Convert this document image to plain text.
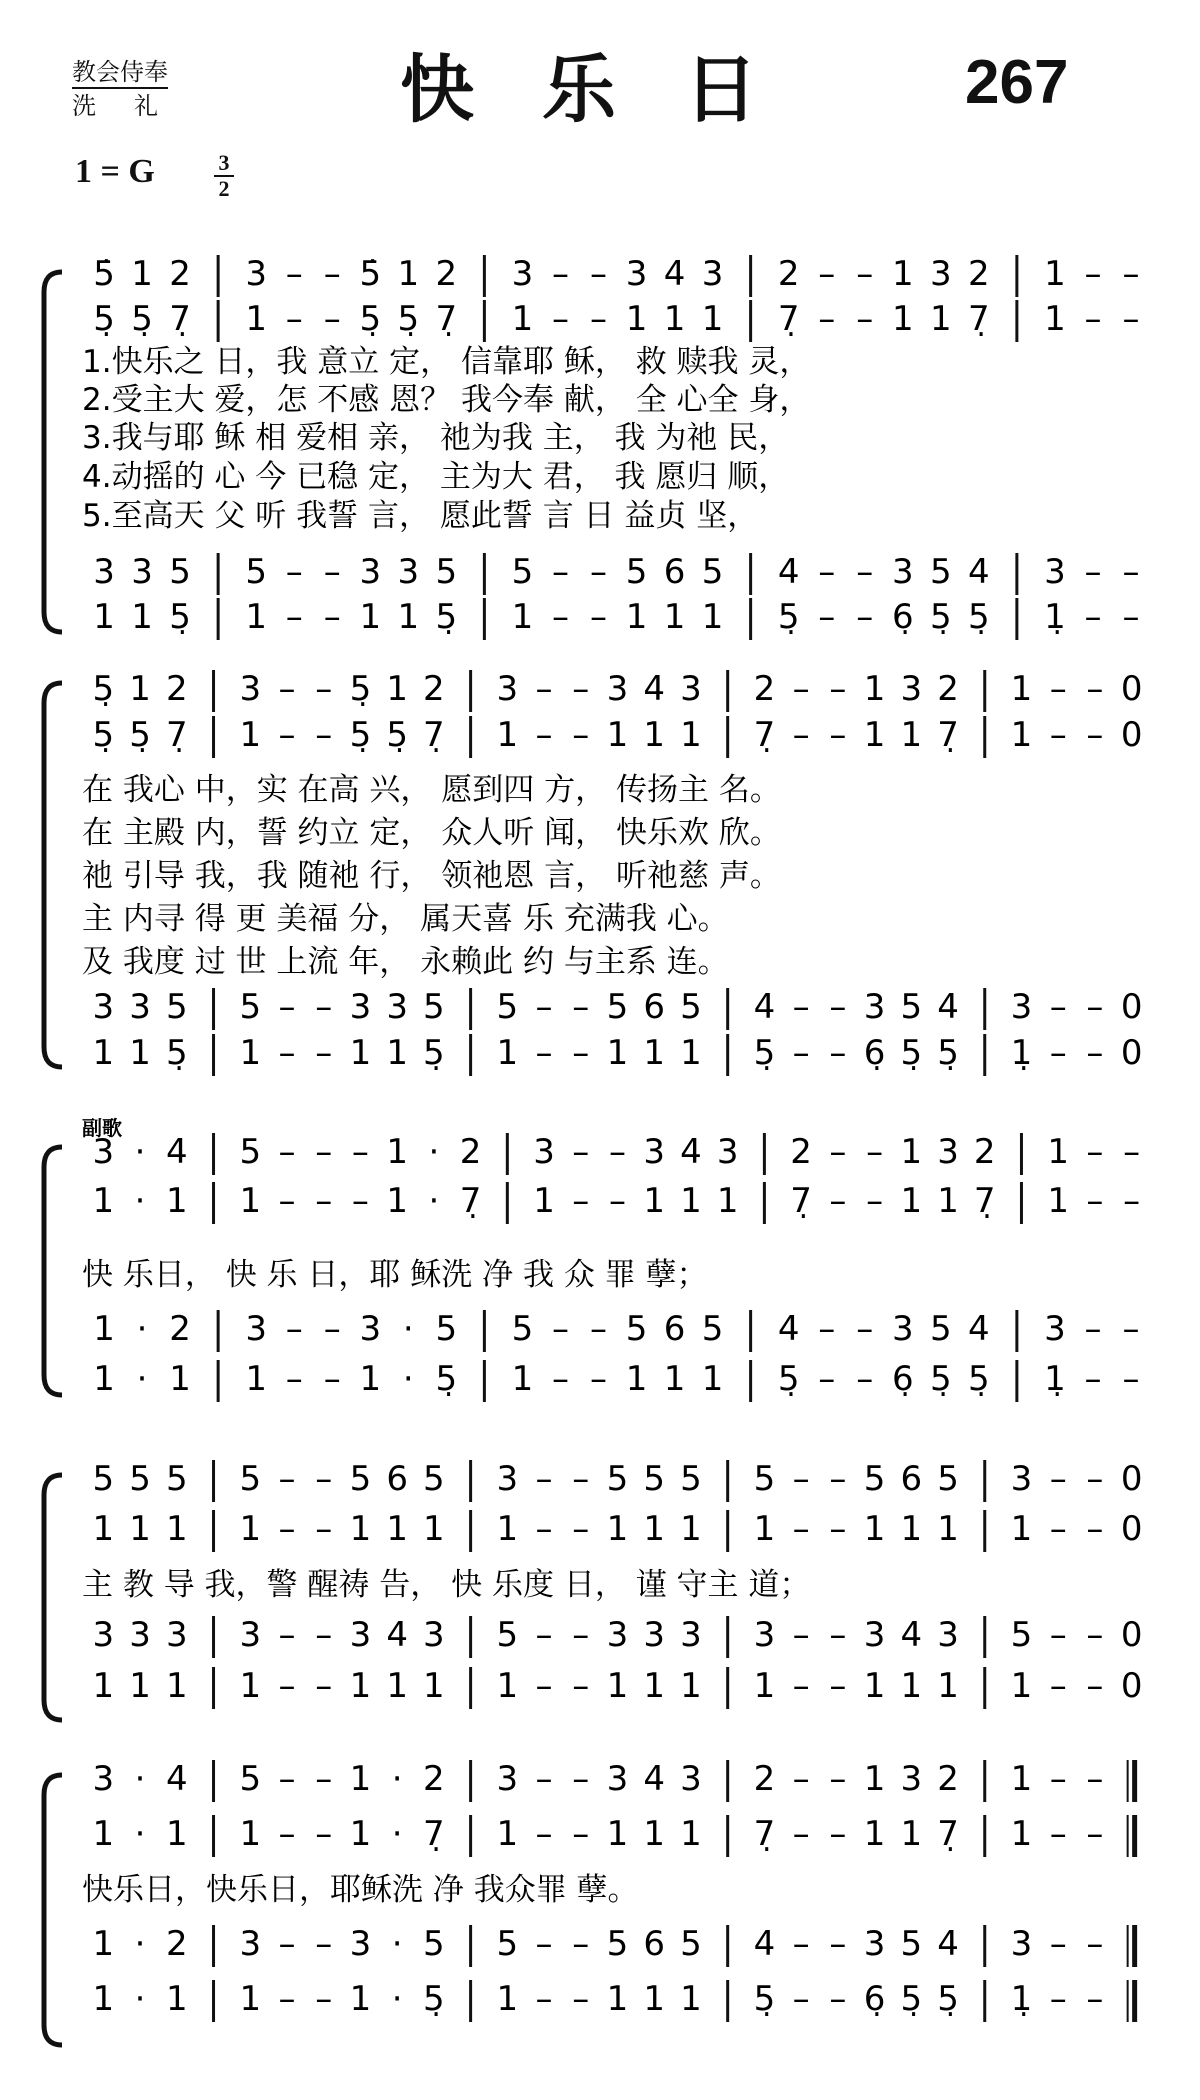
教会侍奉
洗礼	快乐日 267
1 = G	3
2
副歌
5̇ 1 2 3 – – 5̇ 1 2 3 – – 3 4 3 2 – – 1 3 2 1 – –
5̣ 5̣ 7̣ 1 – – 5̣ 5̣ 7̣ 1 – – 1 1 1 7̣ – – 1 1 7̣ 1 – –
1.快乐之 日，我 意立 定， 信靠耶 稣， 救 赎我 灵，
2.受主大 爱，怎 不感 恩？ 我今奉 献， 全 心全 身，
3.我与耶 稣 相 爱相 亲， 祂为我 主， 我 为祂 民，
4.动摇的 心 今 已稳 定， 主为大 君， 我 愿归 顺，
5.至高天 父 听 我誓 言， 愿此誓 言 日 益贞 坚，
3 3 5 5 – – 3 3 5 5 – – 5 6 5 4 – – 3 5 4 3 – –
1 1 5̣ 1 – – 1 1 5̣ 1 – – 1 1 1 5̣ – – 6̣ 5̣ 5̣ 1̣ – –
5̣ 1 2 3 – – 5̣ 1 2 3 – – 3 4 3 2 – – 1 3 2 1 – – 0
5̣ 5̣ 7̣ 1 – – 5̣ 5̣ 7̣ 1 – – 1 1 1 7̣ – – 1 1 7̣ 1 – – 0
在 我心 中，实 在高 兴， 愿到四 方， 传扬主 名。
在 主殿 内，誓 约立 定， 众人听 闻， 快乐欢 欣。
祂 引导 我，我 随祂 行， 领祂恩 言， 听祂慈 声。
主 内寻 得 更 美福 分， 属天喜 乐 充满我 心。
及 我度 过 世 上流 年， 永赖此 约 与主系 连。
3 3 5 5 – – 3 3 5 5 – – 5 6 5 4 – – 3 5 4 3 – – 0
1 1 5̣ 1 – – 1 1 5̣ 1 – – 1 1 1 5̣ – – 6̣ 5̣ 5̣ 1̣ – – 0
3 · 4 5 – – – 1 · 2 3 – – 3 4 3 2 – – 1 3 2 1 – –
1 · 1 1 – – – 1 · 7̣ 1 – – 1 1 1 7̣ – – 1 1 7̣ 1 – –
快 乐日， 快 乐 日，耶 稣洗 净 我 众 罪 孽；
1 · 2 3 – – 3 · 5 5 – – 5 6 5 4 – – 3 5 4 3 – –
1 · 1 1 – – 1 · 5̣ 1 – – 1 1 1 5̣ – – 6̣ 5̣ 5̣ 1̣ – –
5 5 5 5 – – 5 6 5 3 – – 5 5 5 5 – – 5 6 5 3 – – 0
1 1 1 1 – – 1 1 1 1 – – 1 1 1 1 – – 1 1 1 1 – – 0
主 教 导 我，警 醒祷 告， 快 乐度 日， 谨 守主 道；
3 3 3 3 – – 3 4 3 5 – – 3 3 3 3 – – 3 4 3 5 – – 0
1 1 1 1 – – 1 1 1 1 – – 1 1 1 1 – – 1 1 1 1 – – 0
3 · 4 5 – – 1 · 2 3 – – 3 4 3 2 – – 1 3 2 1 – –
1 · 1 1 – – 1 · 7̣ 1 – – 1 1 1 7̣ – – 1 1 7̣ 1 – –
快乐日，快乐日，耶稣洗 净 我众罪 孽。
1 · 2 3 – – 3 · 5 5 – – 5 6 5 4 – – 3 5 4 3 – –
1 · 1 1 – – 1 · 5̣ 1 – – 1 1 1 5̣ – – 6̣ 5̣ 5̣ 1̣ – –
